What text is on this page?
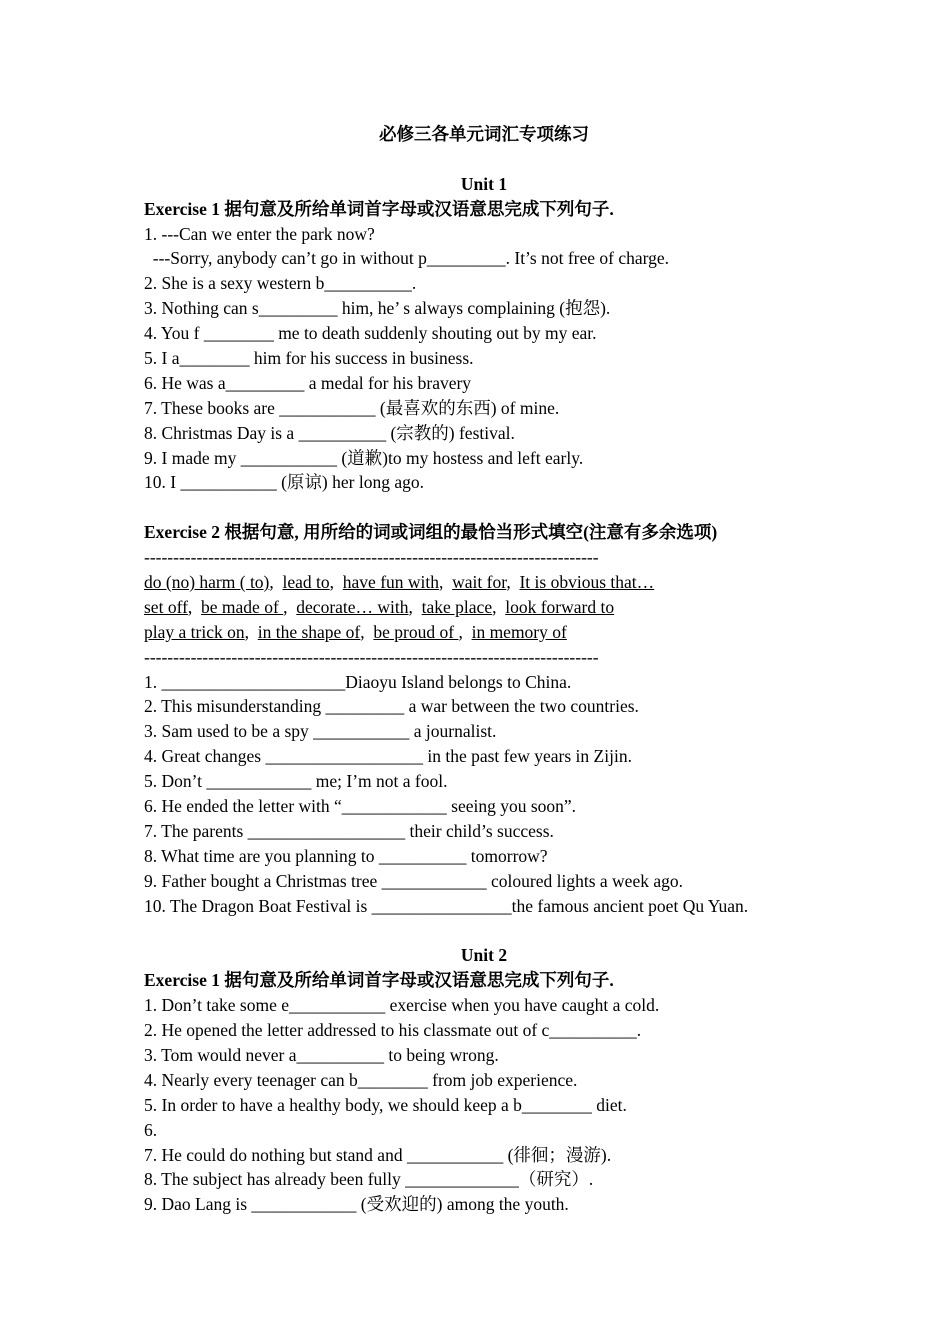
必修三各单元词汇专项练习
Unit 1
Exercise 1 据句意及所给单词首字母或汉语意思完成下列句子.
1. ---Can we enter the park now?
---Sorry, anybody can’t go in without p_________. It’s not free of charge.
2. She is a sexy western b__________.
3. Nothing can s_________ him, he’ s always complaining (抱怨).
4. You f ________ me to death suddenly shouting out by my ear.
5. I a________ him for his success in business.
6. He was a_________ a medal for his bravery
7. These books are ___________ (最喜欢的东西) of mine.
8. Christmas Day is a __________ (宗教的) festival.
9. I made my ___________ (道歉)to my hostess and left early.
10. I ___________ (原谅) her long ago.
Exercise 2 根据句意, 用所给的词或词组的最恰当形式填空(注意有多余选项)
------------------------------------------------------------------------------
do (no) harm ( to),  lead to,  have fun with,  wait for,  It is obvious that…
set off,  be made of ,  decorate… with,  take place,  look forward to
play a trick on,  in the shape of,  be proud of ,  in memory of
------------------------------------------------------------------------------
1. _____________________Diaoyu Island belongs to China.
2. This misunderstanding _________ a war between the two countries.
3. Sam used to be a spy ___________ a journalist.
4. Great changes __________________ in the past few years in Zijin.
5. Don’t ____________ me; I’m not a fool.
6. He ended the letter with “____________ seeing you soon”.
7. The parents __________________ their child’s success.
8. What time are you planning to __________ tomorrow?
9. Father bought a Christmas tree ____________ coloured lights a week ago.
10. The Dragon Boat Festival is ________________the famous ancient poet Qu Yuan.
Unit 2
Exercise 1 据句意及所给单词首字母或汉语意思完成下列句子.
1. Don’t take some e___________ exercise when you have caught a cold.
2. He opened the letter addressed to his classmate out of c__________.
3. Tom would never a__________ to being wrong.
4. Nearly every teenager can b________ from job experience.
5. In order to have a healthy body, we should keep a b________ diet.
6.
7. He could do nothing but stand and ___________ (徘徊；漫游).
8. The subject has already been fully _____________（研究）.
9. Dao Lang is ____________ (受欢迎的) among the youth.
